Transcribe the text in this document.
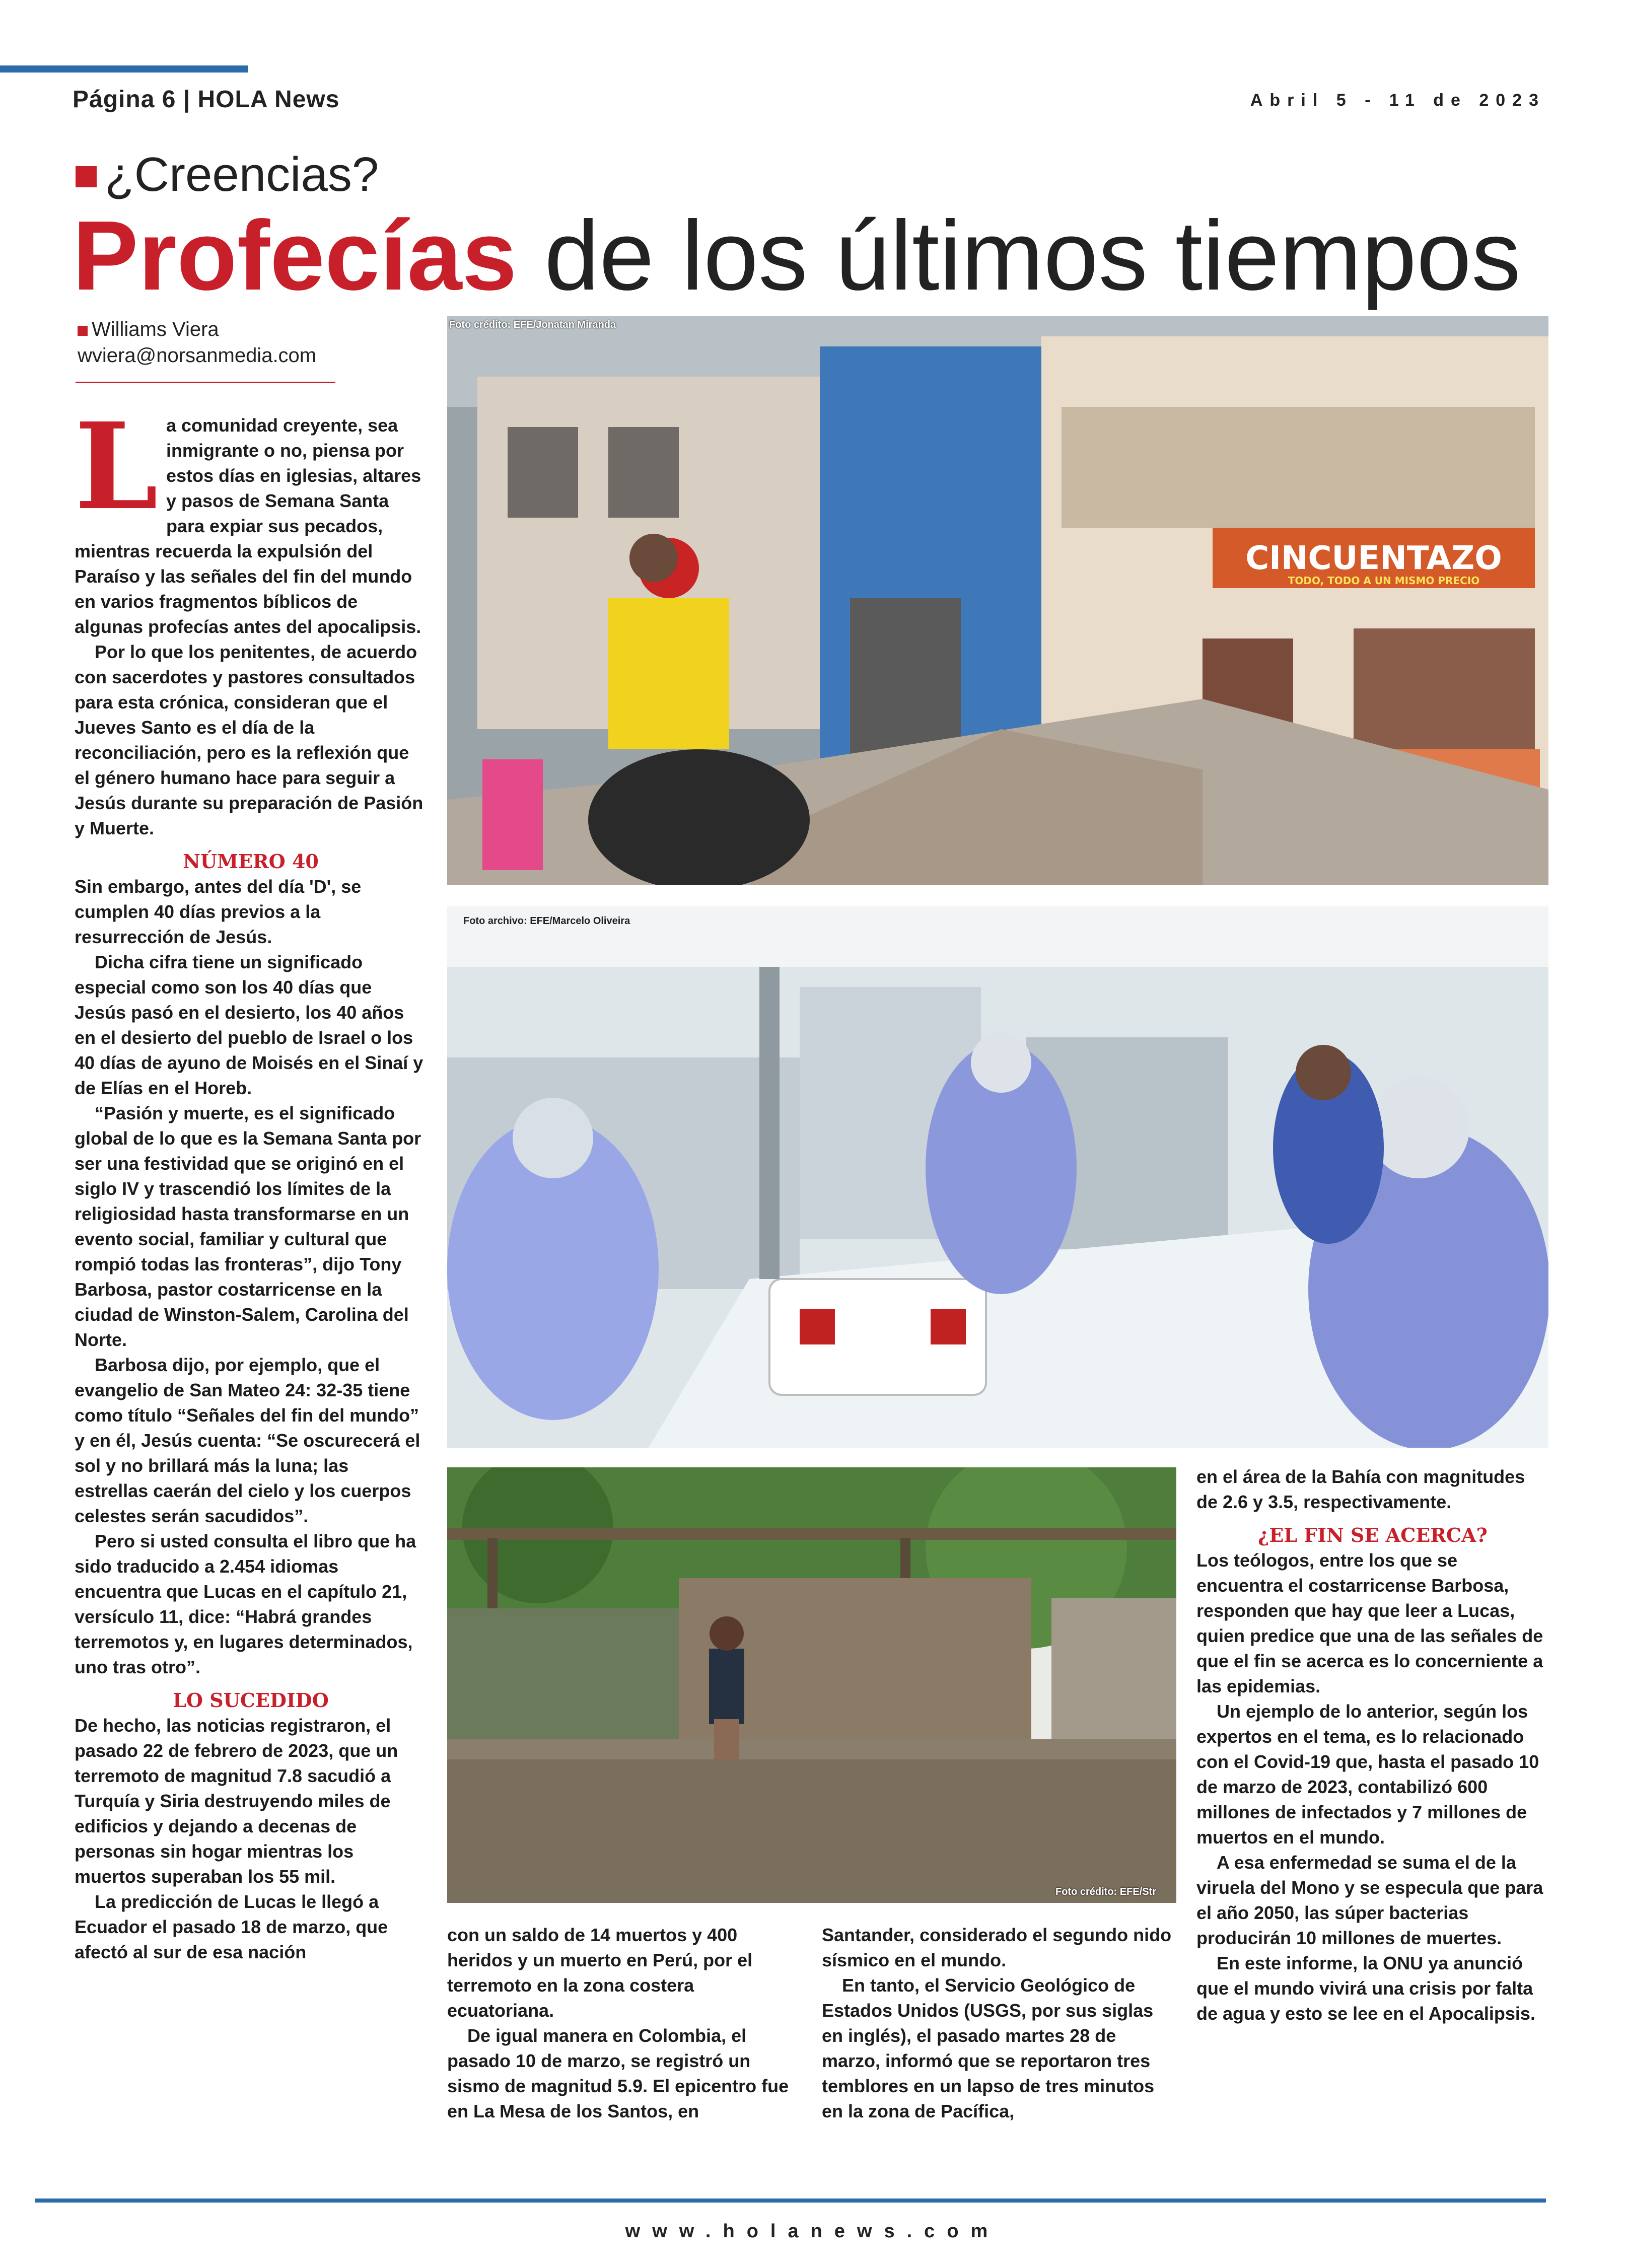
Página 6 | HOLA News	Abril 5 - 11 de 2023
¿Creencias?
Profecías de los últimos tiempos
Williams Viera
wviera@norsanmedia.com
L a comunidad creyente, sea inmigrante o no, piensa por estos días en iglesias, altares y pasos de Semana Santa para expiar sus pecados, mientras recuerda la expulsión del Paraíso y las señales del fin del mundo en varios fragmentos bíblicos de algunas profecías antes del apocalipsis.

Por lo que los penitentes, de acuerdo con sacerdotes y pastores consultados para esta crónica, consideran que el Jueves Santo es el día de la reconciliación, pero es la reflexión que el género humano hace para seguir a Jesús durante su preparación de Pasión y Muerte.

NÚMERO 40

Sin embargo, antes del día 'D', se cumplen 40 días previos a la resurrección de Jesús.

Dicha cifra tiene un significado especial como son los 40 días que Jesús pasó en el desierto, los 40 años en el desierto del pueblo de Israel o los 40 días de ayuno de Moisés en el Sinaí y de Elías en el Horeb.

“Pasión y muerte, es el significado global de lo que es la Semana Santa por ser una festividad que se originó en el siglo IV y trascendió los límites de la religiosidad hasta transformarse en un evento social, familiar y cultural que rompió todas las fronteras”, dijo Tony Barbosa, pastor costarricense en la ciudad de Winston-Salem, Carolina del Norte.

Barbosa dijo, por ejemplo, que el evangelio de San Mateo 24: 32-35 tiene como título “Señales del fin del mundo” y en él, Jesús cuenta: “Se oscurecerá el sol y no brillará más la luna; las estrellas caerán del cielo y los cuerpos celestes serán sacudidos”.

Pero si usted consulta el libro que ha sido traducido a 2.454 idiomas encuentra que Lucas en el capítulo 21, versículo 11, dice: “Habrá grandes terremotos y, en lugares determinados, uno tras otro”.

LO SUCEDIDO

De hecho, las noticias registraron, el pasado 22 de febrero de 2023, que un terremoto de magnitud 7.8 sacudió a Turquía y Siria destruyendo miles de edificios y dejando a decenas de personas sin hogar mientras los muertos superaban los 55 mil.

La predicción de Lucas le llegó a Ecuador el pasado 18 de marzo, que afectó al sur de esa nación

CINCUENTAZO
TODO, TODO A UN MISMO PRECIO
Foto crédito: EFE/Jonatan Miranda
Foto archivo: EFE/Marcelo Oliveira
Foto crédito: EFE/Str

con un saldo de 14 muertos y 400 heridos y un muerto en Perú, por el terremoto en la zona costera ecuatoriana.

De igual manera en Colombia, el pasado 10 de marzo, se registró un sismo de magnitud 5.9. El epicentro fue en La Mesa de los Santos, en

Santander, considerado el segundo nido sísmico en el mundo.

En tanto, el Servicio Geológico de Estados Unidos (USGS, por sus siglas en inglés), el pasado martes 28 de marzo, informó que se reportaron tres temblores en un lapso de tres minutos en la zona de Pacífica,

en el área de la Bahía con magnitudes de 2.6 y 3.5, respectivamente.

¿EL FIN SE ACERCA?

Los teólogos, entre los que se encuentra el costarricense Barbosa, responden que hay que leer a Lucas, quien predice que una de las señales de que el fin se acerca es lo concerniente a las epidemias.

Un ejemplo de lo anterior, según los expertos en el tema, es lo relacionado con el Covid-19 que, hasta el pasado 10 de marzo de 2023, contabilizó 600 millones de infectados y 7 millones de muertos en el mundo.

A esa enfermedad se suma el de la viruela del Mono y se especula que para el año 2050, las súper bacterias producirán 10 millones de muertes.

En este informe, la ONU ya anunció que el mundo vivirá una crisis por falta de agua y esto se lee en el Apocalipsis.

www.holanews.com
